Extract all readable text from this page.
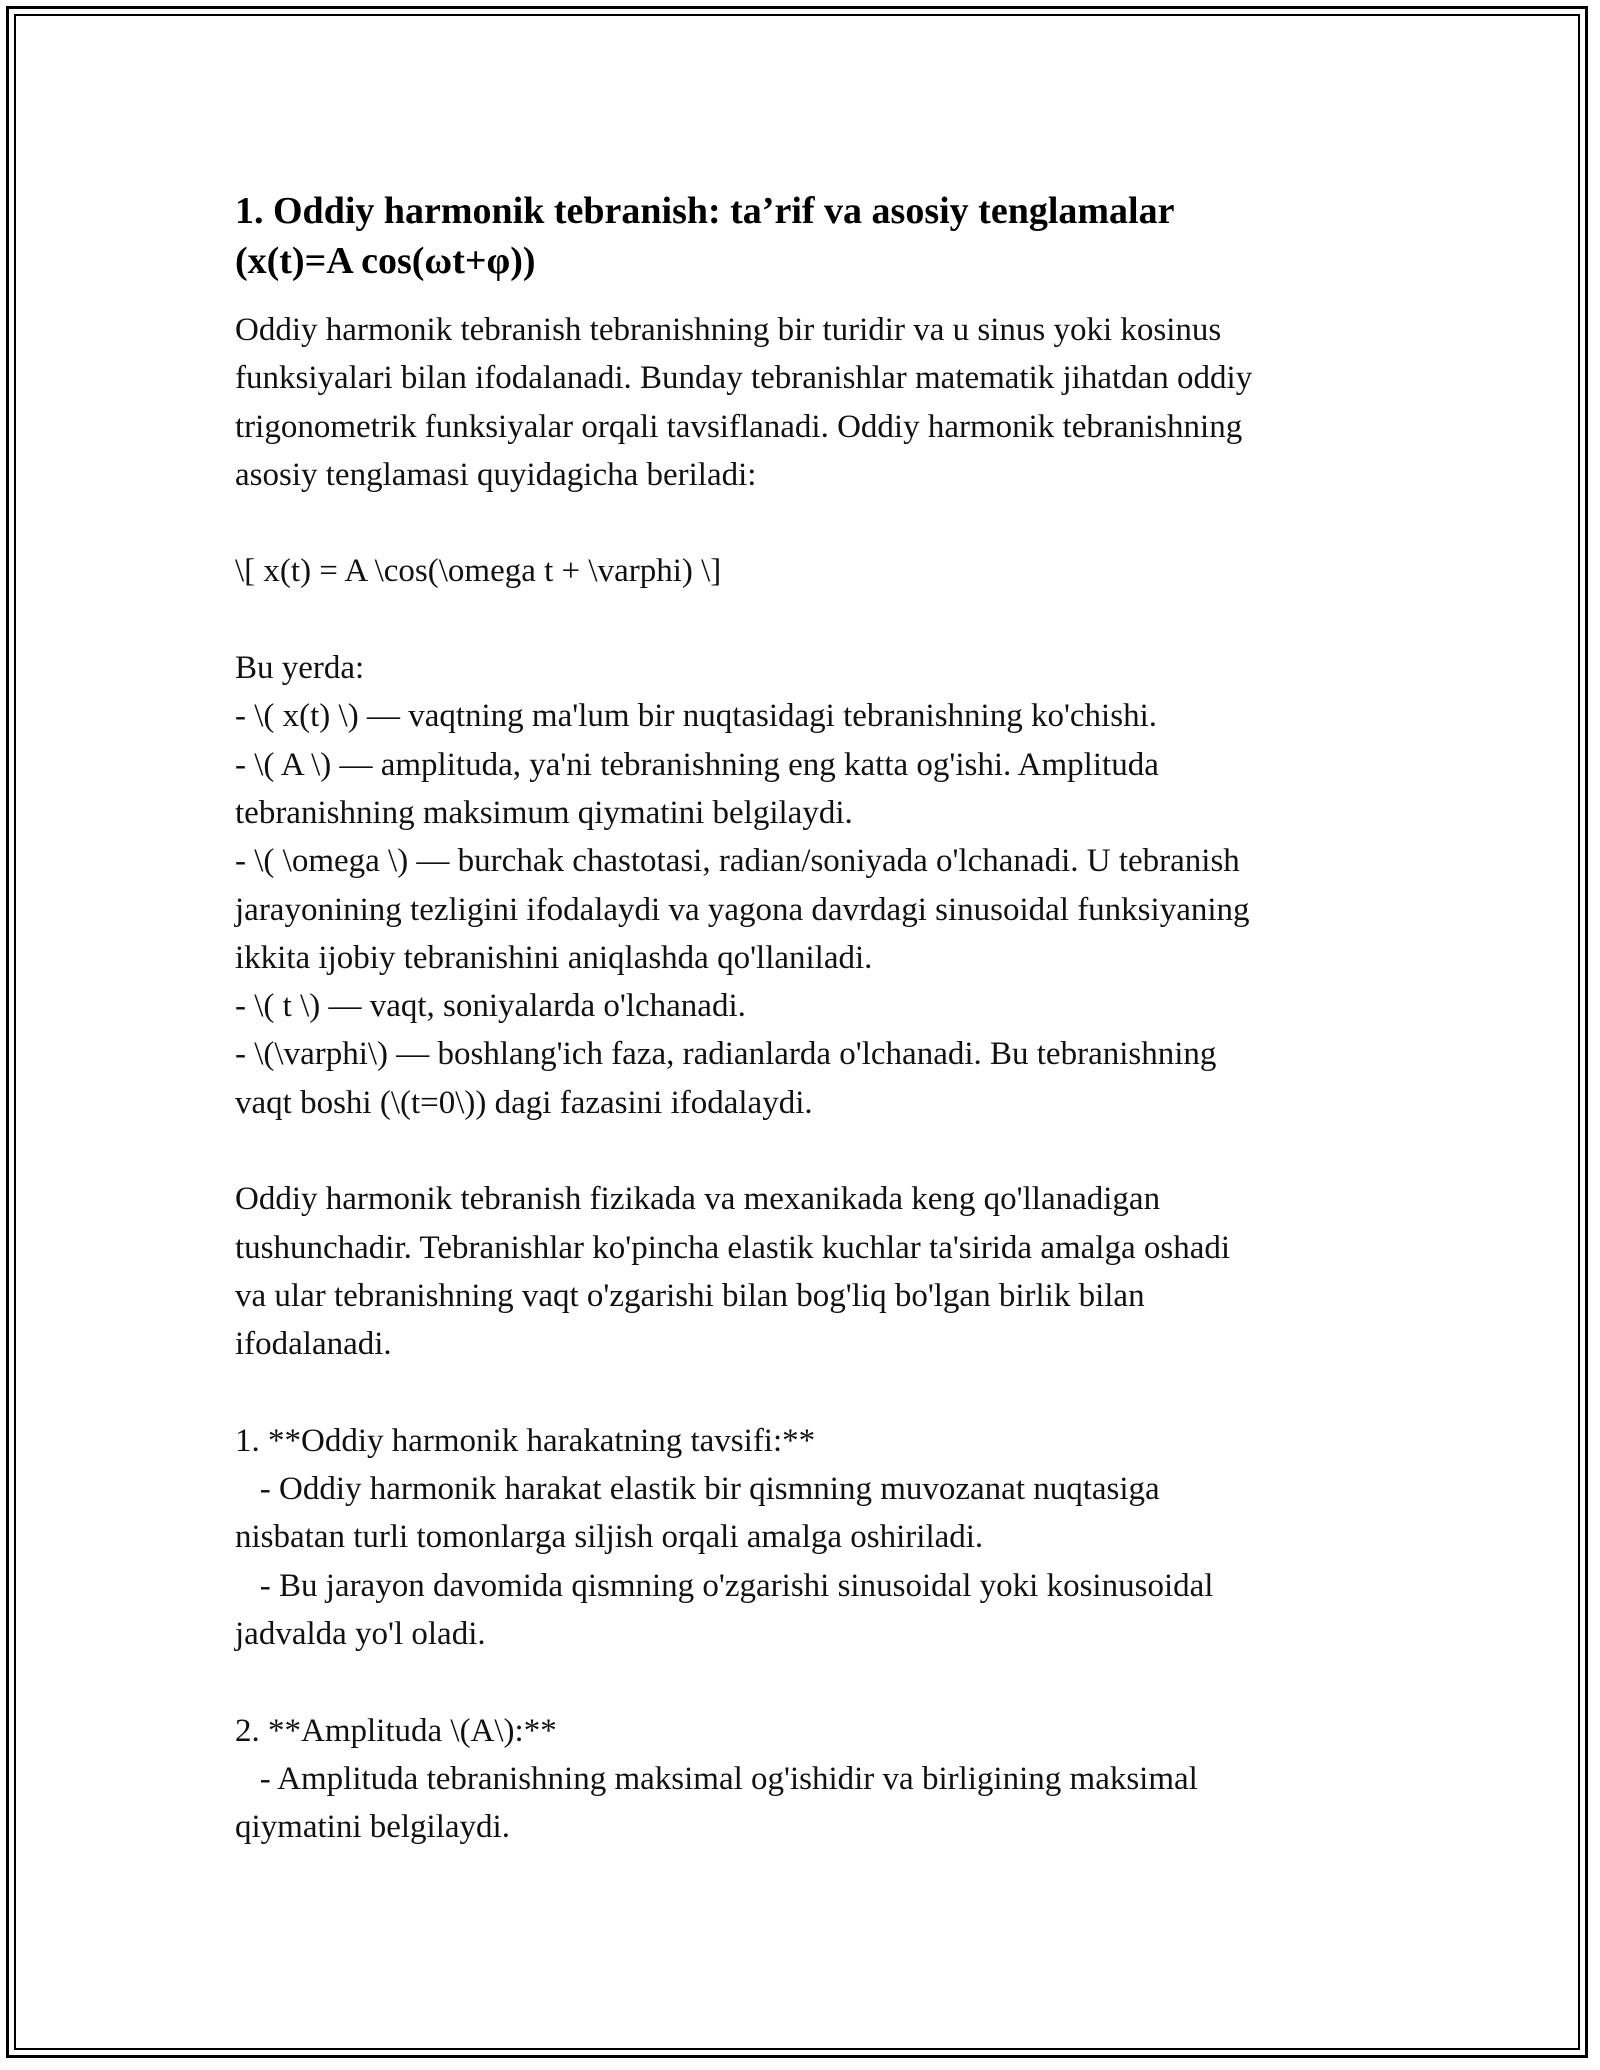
1. Oddiy harmonik tebranish: ta’rif va asosiy tenglamalar
(x(t)=A cos(ωt+φ))

Oddiy harmonik tebranish tebranishning bir turidir va u sinus yoki kosinus

funksiyalari bilan ifodalanadi. Bunday tebranishlar matematik jihatdan oddiy

trigonometrik funksiyalar orqali tavsiflanadi. Oddiy harmonik tebranishning

asosiy tenglamasi quyidagicha beriladi:

\[ x(t) = A \cos(\omega t + \varphi) \]

Bu yerda:

- \( x(t) \) — vaqtning ma'lum bir nuqtasidagi tebranishning ko'chishi.

- \( A \) — amplituda, ya'ni tebranishning eng katta og'ishi. Amplituda

tebranishning maksimum qiymatini belgilaydi.

- \( \omega \) — burchak chastotasi, radian/soniyada o'lchanadi. U tebranish

jarayonining tezligini ifodalaydi va yagona davrdagi sinusoidal funksiyaning

ikkita ijobiy tebranishini aniqlashda qo'llaniladi.

- \( t \) — vaqt, soniyalarda o'lchanadi.

- \(\varphi\) — boshlang'ich faza, radianlarda o'lchanadi. Bu tebranishning

vaqt boshi (\(t=0\)) dagi fazasini ifodalaydi.

Oddiy harmonik tebranish fizikada va mexanikada keng qo'llanadigan

tushunchadir. Tebranishlar ko'pincha elastik kuchlar ta'sirida amalga oshadi

va ular tebranishning vaqt o'zgarishi bilan bog'liq bo'lgan birlik bilan

ifodalanadi.

1. **Oddiy harmonik harakatning tavsifi:**

- Oddiy harmonik harakat elastik bir qismning muvozanat nuqtasiga

nisbatan turli tomonlarga siljish orqali amalga oshiriladi.

- Bu jarayon davomida qismning o'zgarishi sinusoidal yoki kosinusoidal

jadvalda yo'l oladi.

2. **Amplituda \(A\):**

- Amplituda tebranishning maksimal og'ishidir va birligining maksimal

qiymatini belgilaydi.
